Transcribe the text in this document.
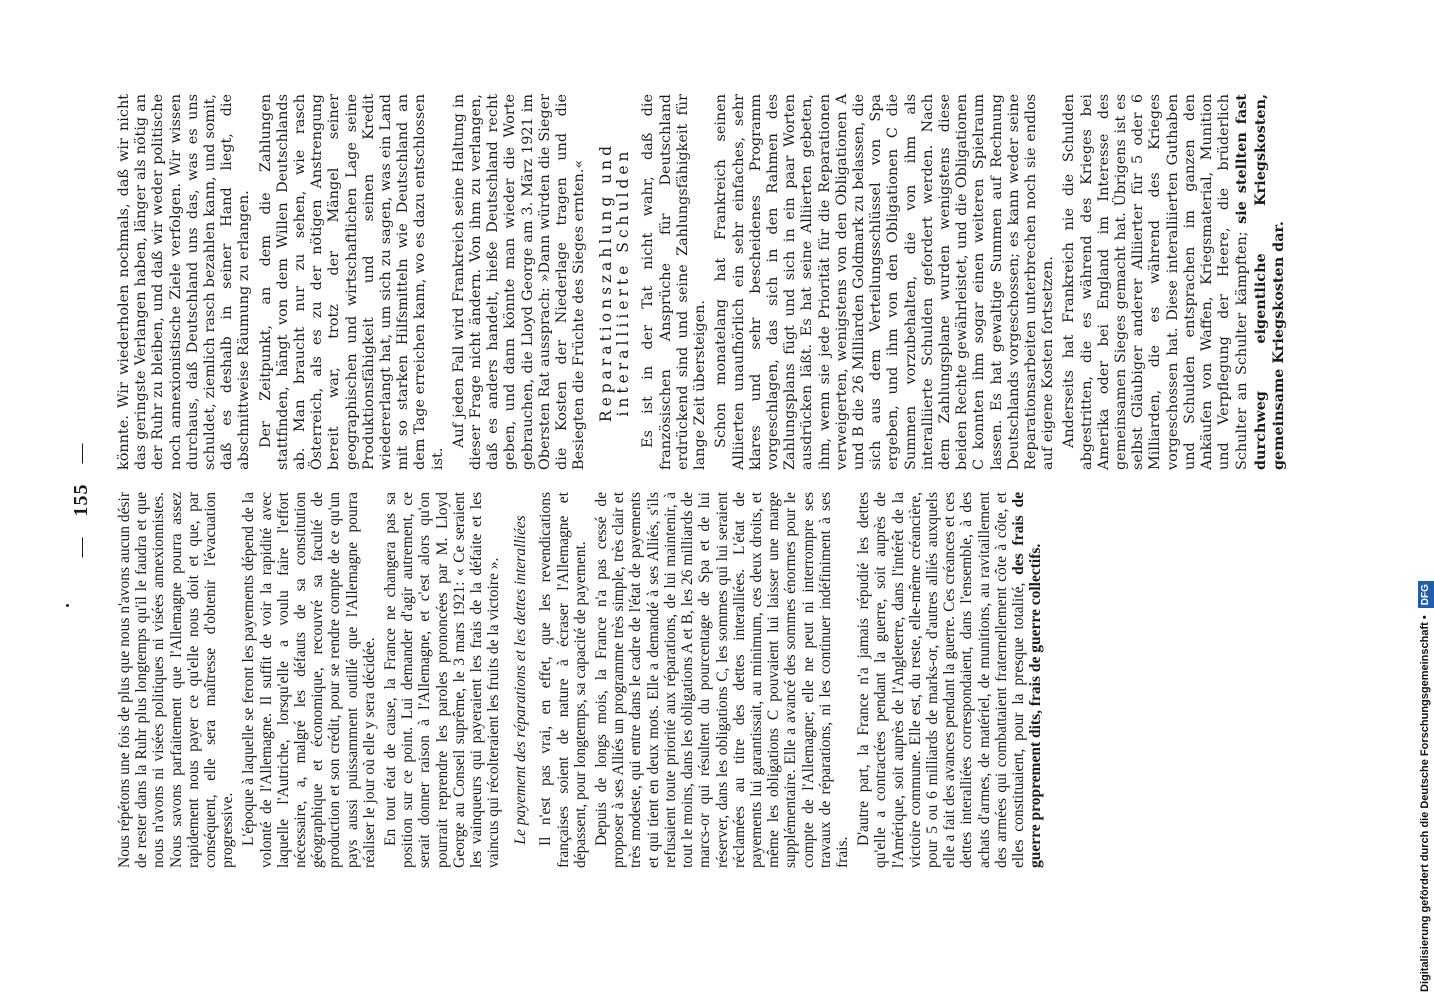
— 155 —

Nous répétons une fois de plus que nous n'avons aucun désir de rester dans la Ruhr plus longtemps qu'il le faudra et que nous n'avons ni visées politiques ni visées annexionnistes. Nous savons parfaitement que l'Allemagne pourra assez rapidement nous payer ce qu'elle nous doit et que, par conséquent, elle sera maîtresse d'obtenir l'évacuation progressive. L'époque à laquelle se feront les payements dépend de la volonté de l'Allemagne. Il suffit de voir la rapidité avec laquelle l'Autriche, lorsqu'elle a voulu faire l'effort nécessaire, a, malgré les défauts de sa constitution géographique et économique, recouvré sa faculté de production et son crédit, pour se rendre compte de ce qu'un pays aussi puissamment outillé que l'Allemagne pourra réaliser le jour où elle y sera décidée. En tout état de cause, la France ne changera pas sa position sur ce point. Lui demander d'agir autrement, ce serait donner raison à l'Allemagne, et c'est alors qu'on pourrait reprendre les paroles prononcées par M. Lloyd George au Conseil suprême, le 3 mars 1921: « Ce seraient les vainqueurs qui payeraient les frais de la défaite et les vaincus qui récolteraient les fruits de la victoire ». Le payement des réparations et les dettes interalliées Il n'est pas vrai, en effet, que les revendications françaises soient de nature à écraser l'Allemagne et dépassent, pour longtemps, sa capacité de payement. Depuis de longs mois, la France n'a pas cessé de proposer à ses Alliés un programme très simple, très clair et très modeste, qui entre dans le cadre de l'état de payements et qui tient en deux mots. Elle a demandé à ses Alliés, s'ils refusaient toute priorité aux réparations, de lui maintenir, à tout le moins, dans les obligations A et B, les 26 milliards de marcs-or qui résultent du pourcentage de Spa et de lui réserver, dans les obligations C, les sommes qui lui seraient réclamées au titre des dettes interalliées. L'état de payements lui garantissait, au minimum, ces deux droits, et même les obligations C pouvaient lui laisser une marge supplémentaire. Elle a avancé des sommes énormes pour le compte de l'Allemagne; elle ne peut ni interrompre ses travaux de réparations, ni les continuer indéfiniment à ses frais.

D'autre part, la France n'a jamais répudié les dettes qu'elle a contractées pendant la guerre, soit auprès de l'Amérique, soit auprès de l'Angleterre, dans l'intérêt de la victoire commune. Elle est, du reste, elle-même créancière, pour 5 ou 6 milliards de marks-or, d'autres alliés auxquels elle a fait des avances pendant la guerre. Ces créances et ces dettes interalliées correspondaient, dans l'ensemble, à des achats d'armes, de matériel, de munitions, au ravitaillement des armées qui combattaient fraternellement côte à côte, et elles constituaient, pour la presque totalité, des frais de guerre proprement dits, frais de guerre collectifs.

könnte. Wir wiederholen nochmals, daß wir nicht das geringste Verlangen haben, länger als nötig an der Ruhr zu bleiben, und daß wir weder politische noch annexionistische Ziele verfolgen. Wir wissen durchaus, daß Deutschland uns das, was es uns schuldet, ziemlich rasch bezahlen kann, und somit, daß es deshalb in seiner Hand liegt, die abschnittweise Räumung zu erlangen. Der Zeitpunkt, an dem die Zahlungen stattfinden, hängt von dem Willen Deutschlands ab. Man braucht nur zu sehen, wie rasch Österreich, als es zu der nötigen Anstrengung bereit war, trotz der Mängel seiner geographischen und wirtschaftlichen Lage seine Produktionsfähigkeit und seinen Kredit wiedererlangt hat, um sich zu sagen, was ein Land mit so starken Hilfsmitteln wie Deutschland an dem Tage erreichen kann, wo es dazu entschlossen ist.

Auf jeden Fall wird Frankreich seine Haltung in dieser Frage nicht ändern. Von ihm zu verlangen, daß es anders handelt, hieße Deutschland recht geben, und dann könnte man wieder die Worte gebrauchen, die Lloyd George am 3. März 1921 im Obersten Rat aussprach: »Dann würden die Sieger die Kosten der Niederlage tragen und die Besiegten die Früchte des Sieges ernten.« Reparationszahlung und interalliierte Schulden Es ist in der Tat nicht wahr, daß die französischen Ansprüche für Deutschland erdrückend sind und seine Zahlungsfähigkeit für lange Zeit übersteigen. Schon monatelang hat Frankreich seinen Alliierten unaufhörlich ein sehr einfaches, sehr klares und sehr bescheidenes Programm vorgeschlagen, das sich in den Rahmen des Zahlungsplans fügt und sich in ein paar Worten ausdrücken läßt. Es hat seine Alliierten gebeten, ihm, wenn sie jede Priorität für die Reparationen verweigerten, wenigstens von den Obligationen A und B die 26 Milliarden Goldmark zu belassen, die sich aus dem Verteilungsschlüssel von Spa ergeben, und ihm von den Obligationen C die Summen vorzubehalten, die von ihm als interalliierte Schulden gefordert werden. Nach dem Zahlungsplane wurden wenigstens diese beiden Rechte gewährleistet, und die Obligationen C konnten ihm sogar einen weiteren Spielraum lassen. Es hat gewaltige Summen auf Rechnung Deutschlands vorgeschossen; es kann weder seine Reparationsarbeiten unterbrechen noch sie endlos auf eigene Kosten fortsetzen. Anderseits hat Frankreich nie die Schulden abgestritten, die es während des Krieges bei Amerika oder bei England im Interesse des gemeinsamen Sieges gemacht hat. Übrigens ist es selbst Gläubiger anderer Alliierter für 5 oder 6 Milliarden, die es während des Krieges vorgeschossen hat. Diese interalliierten Guthaben und Schulden entsprachen im ganzen den Ankäufen von Waffen, Kriegsmaterial, Munition und Verpflegung der Heere, die brüderlich Schulter an Schulter kämpften; sie stellten fast durchweg eigentliche Kriegskosten, gemeinsame Kriegskosten dar.

Digitalisierung gefördert durch die Deutsche Forschungsgemeinschaft • DFG
